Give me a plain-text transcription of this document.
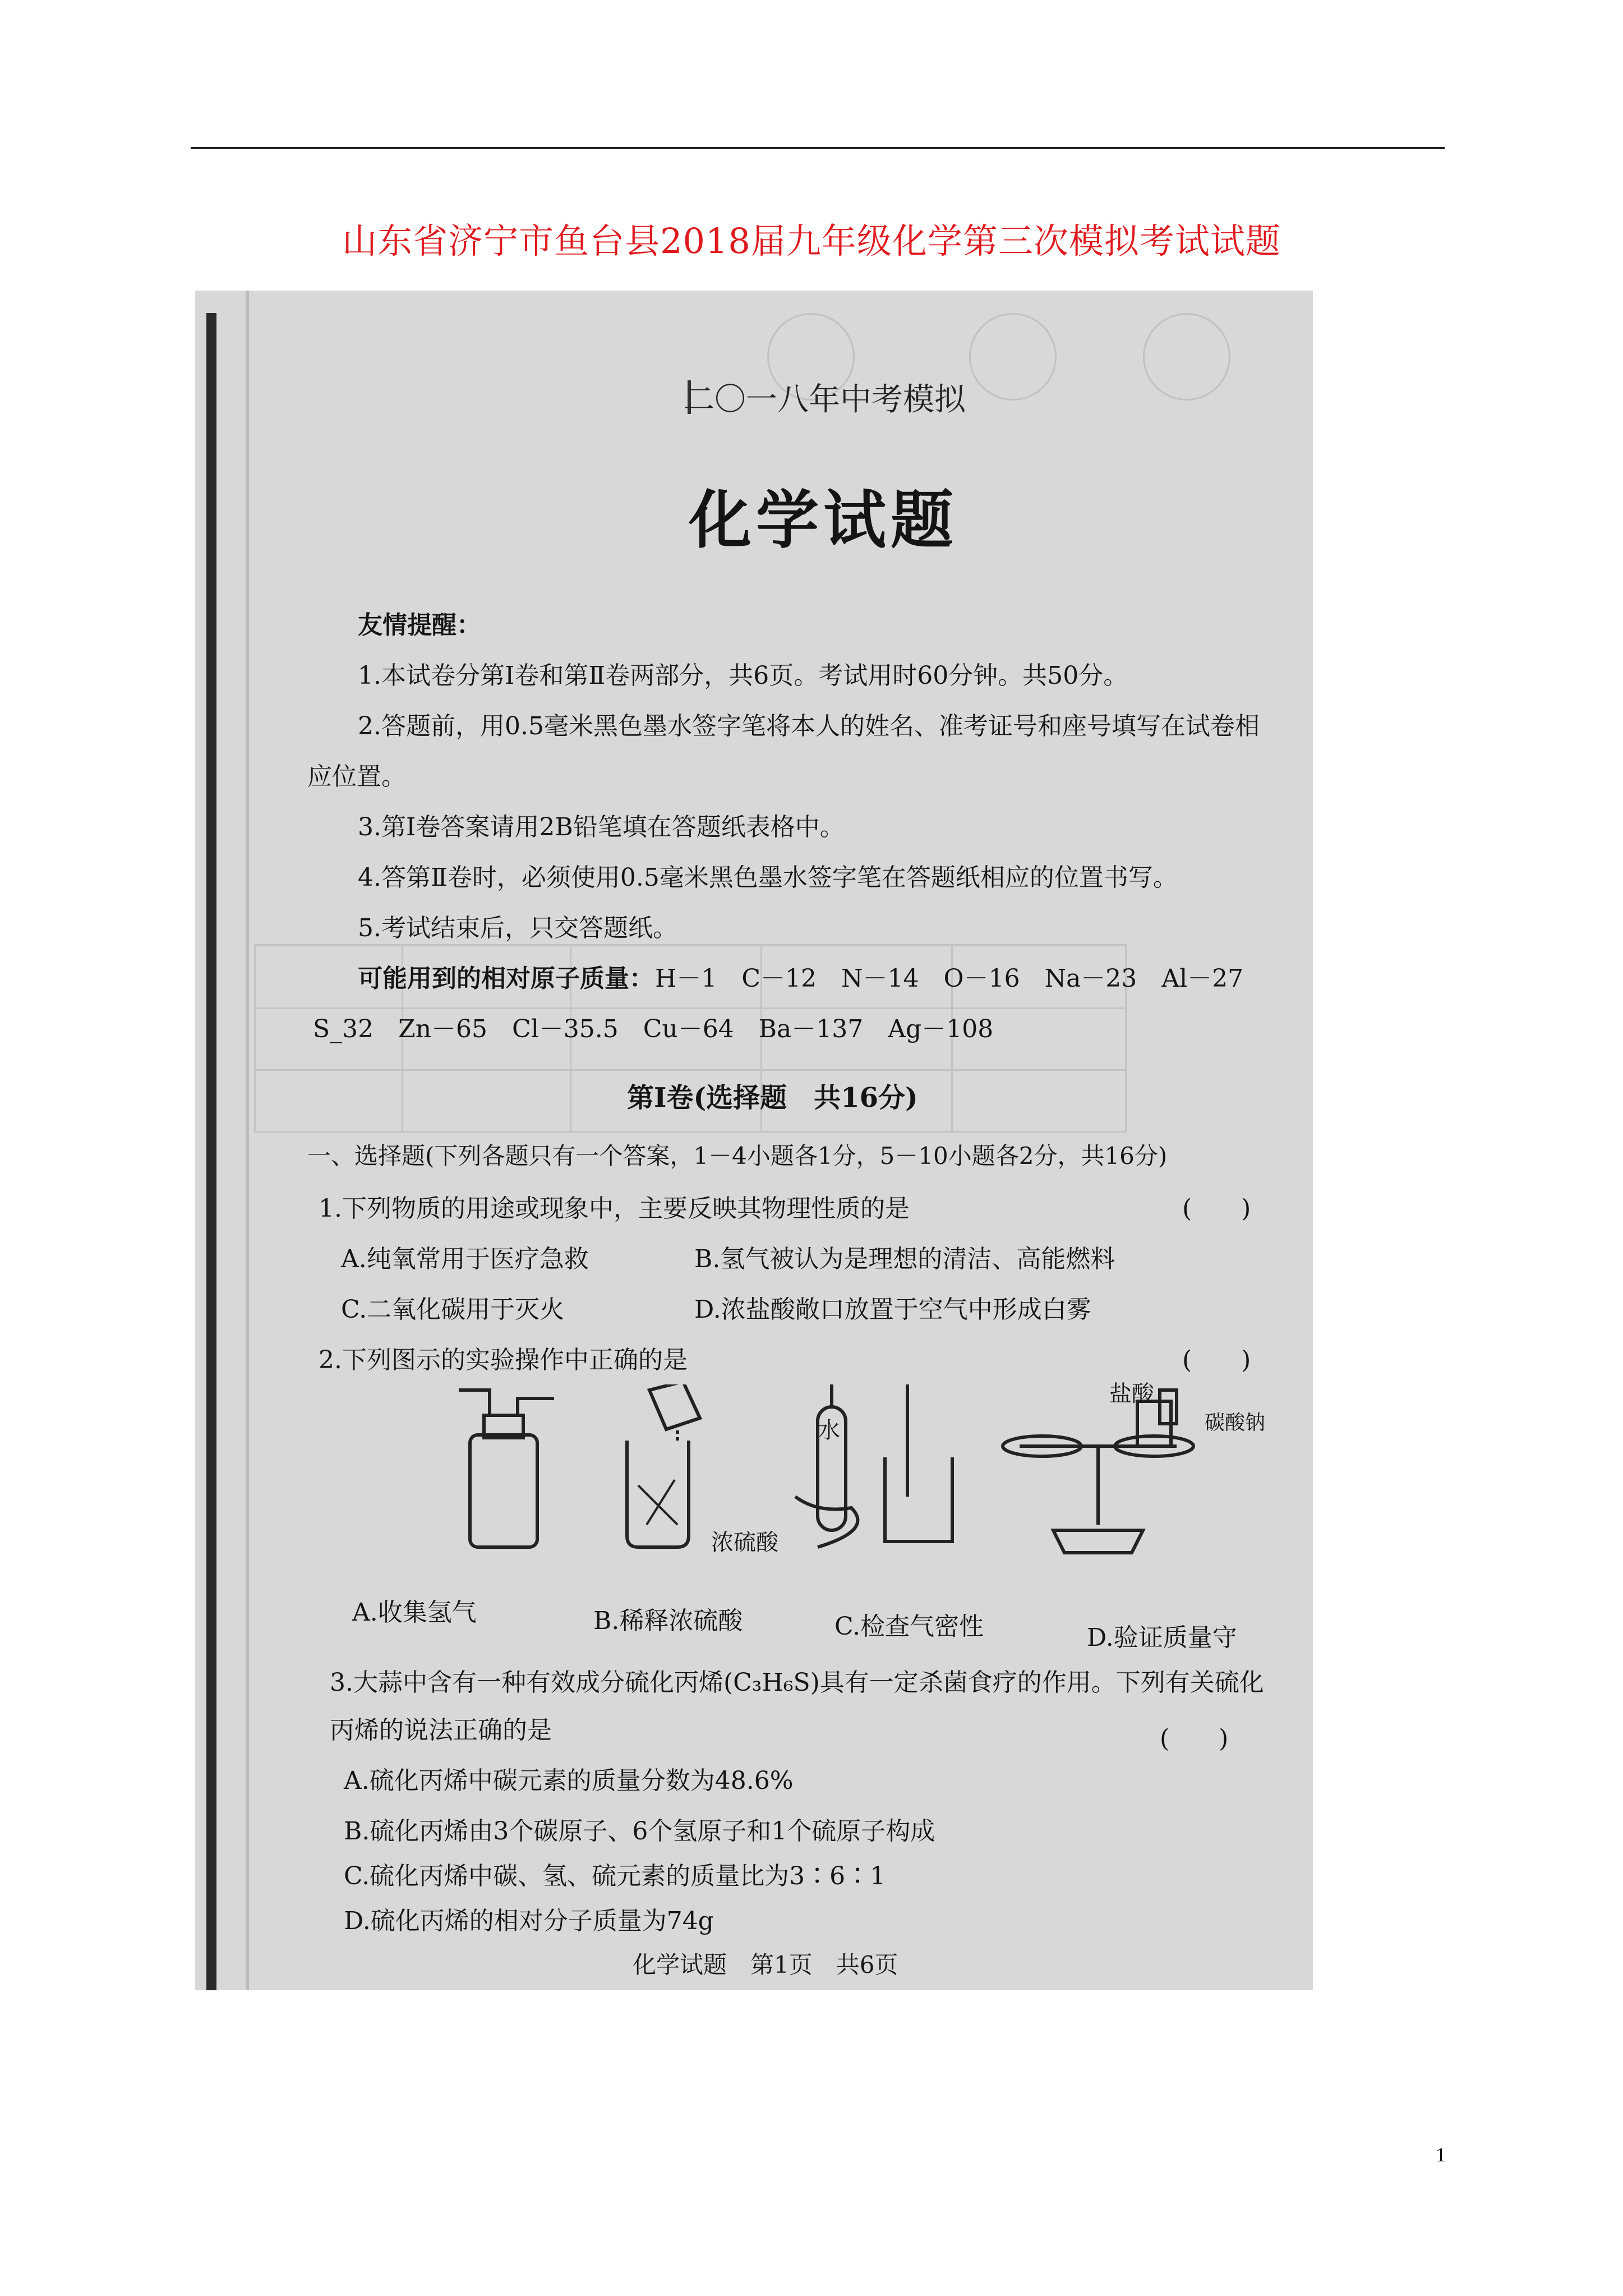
山东省济宁市鱼台县2018届九年级化学第三次模拟考试试题
二〇一八年中考模拟
化学试题
友情提醒：
1.本试卷分第Ⅰ卷和第Ⅱ卷两部分，共6页。考试用时60分钟。共50分。
2.答题前，用0.5毫米黑色墨水签字笔将本人的姓名、准考证号和座号填写在试卷相
应位置。
3.第Ⅰ卷答案请用2B铅笔填在答题纸表格中。
4.答第Ⅱ卷时，必须使用0.5毫米黑色墨水签字笔在答题纸相应的位置书写。
5.考试结束后，只交答题纸。
可能用到的相对原子质量： H－1　C－12　N－14　O－16　Na－23　Al－27
S_32　Zn－65　Cl－35.5　Cu－64　Ba－137　Ag－108
第Ⅰ卷(选择题　共16分)
一、选择题(下列各题只有一个答案，1－4小题各1分，5－10小题各2分，共16分)
1.下列物质的用途或现象中，主要反映其物理性质的是	(　　)
A.纯氧常用于医疗急救	B.氢气被认为是理想的清洁、高能燃料
C.二氧化碳用于灭火	D.浓盐酸敞口放置于空气中形成白雾
2.下列图示的实验操作中正确的是	(　　)
水
浓硫酸
盐酸
碳酸钠
A.收集氢气	B.稀释浓硫酸	C.检查气密性	D.验证质量守
3.大蒜中含有一种有效成分硫化丙烯(C₃H₆S)具有一定杀菌食疗的作用。下列有关硫化
丙烯的说法正确的是	(　　)
A.硫化丙烯中碳元素的质量分数为48.6%
B.硫化丙烯由3个碳原子、6个氢原子和1个硫原子构成
C.硫化丙烯中碳、氢、硫元素的质量比为3∶6∶1
D.硫化丙烯的相对分子质量为74g
化学试题　第1页　共6页
1
